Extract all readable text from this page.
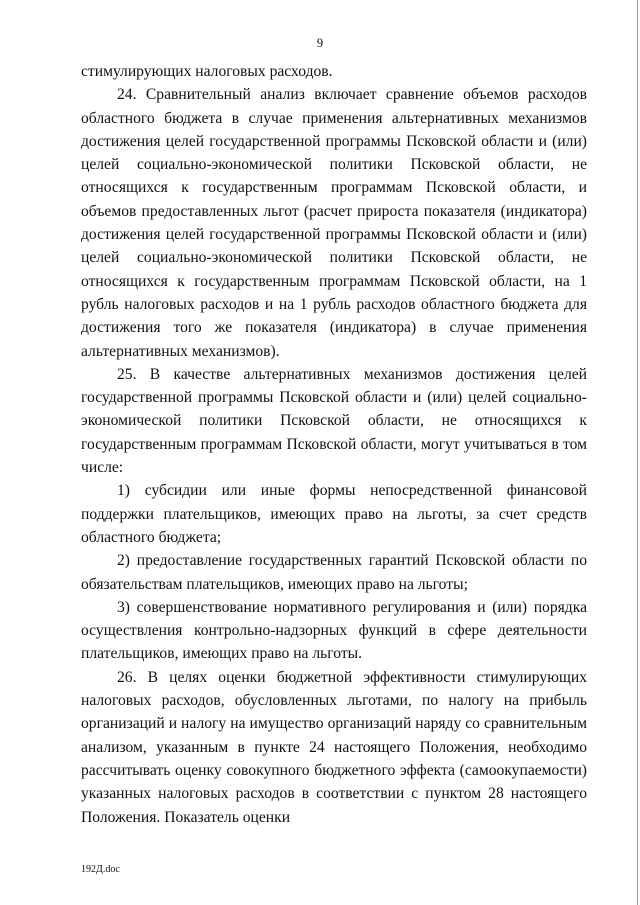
9

стимулирующих налоговых расходов.

24. Сравнительный анализ включает сравнение объемов расходов областного бюджета в случае применения альтернативных механизмов достижения целей государственной программы Псковской области и (или) целей социально-экономической политики Псковской области, не относящихся к государственным программам Псковской области, и объемов предоставленных льгот (расчет прироста показателя (индикатора) достижения целей государственной программы Псковской области и (или) целей социально-экономической политики Псковской области, не относящихся к государственным программам Псковской области, на 1 рубль налоговых расходов и на 1 рубль расходов областного бюджета для достижения того же показателя (индикатора) в случае применения альтернативных механизмов).

25. В качестве альтернативных механизмов достижения целей государственной программы Псковской области и (или) целей социально-экономической политики Псковской области, не относящихся к государственным программам Псковской области, могут учитываться в том числе:

1) субсидии или иные формы непосредственной финансовой поддержки плательщиков, имеющих право на льготы, за счет средств областного бюджета;

2) предоставление государственных гарантий Псковской области по обязательствам плательщиков, имеющих право на льготы;

3) совершенствование нормативного регулирования и (или) порядка осуществления контрольно-надзорных функций в сфере деятельности плательщиков, имеющих право на льготы.

26. В целях оценки бюджетной эффективности стимулирующих налоговых расходов, обусловленных льготами, по налогу на прибыль организаций и налогу на имущество организаций наряду со сравнительным анализом, указанным в пункте 24 настоящего Положения, необходимо рассчитывать оценку совокупного бюджетного эффекта (самоокупаемости) указанных налоговых расходов в соответствии с пунктом 28 настоящего Положения. Показатель оценки

192Д.doc
